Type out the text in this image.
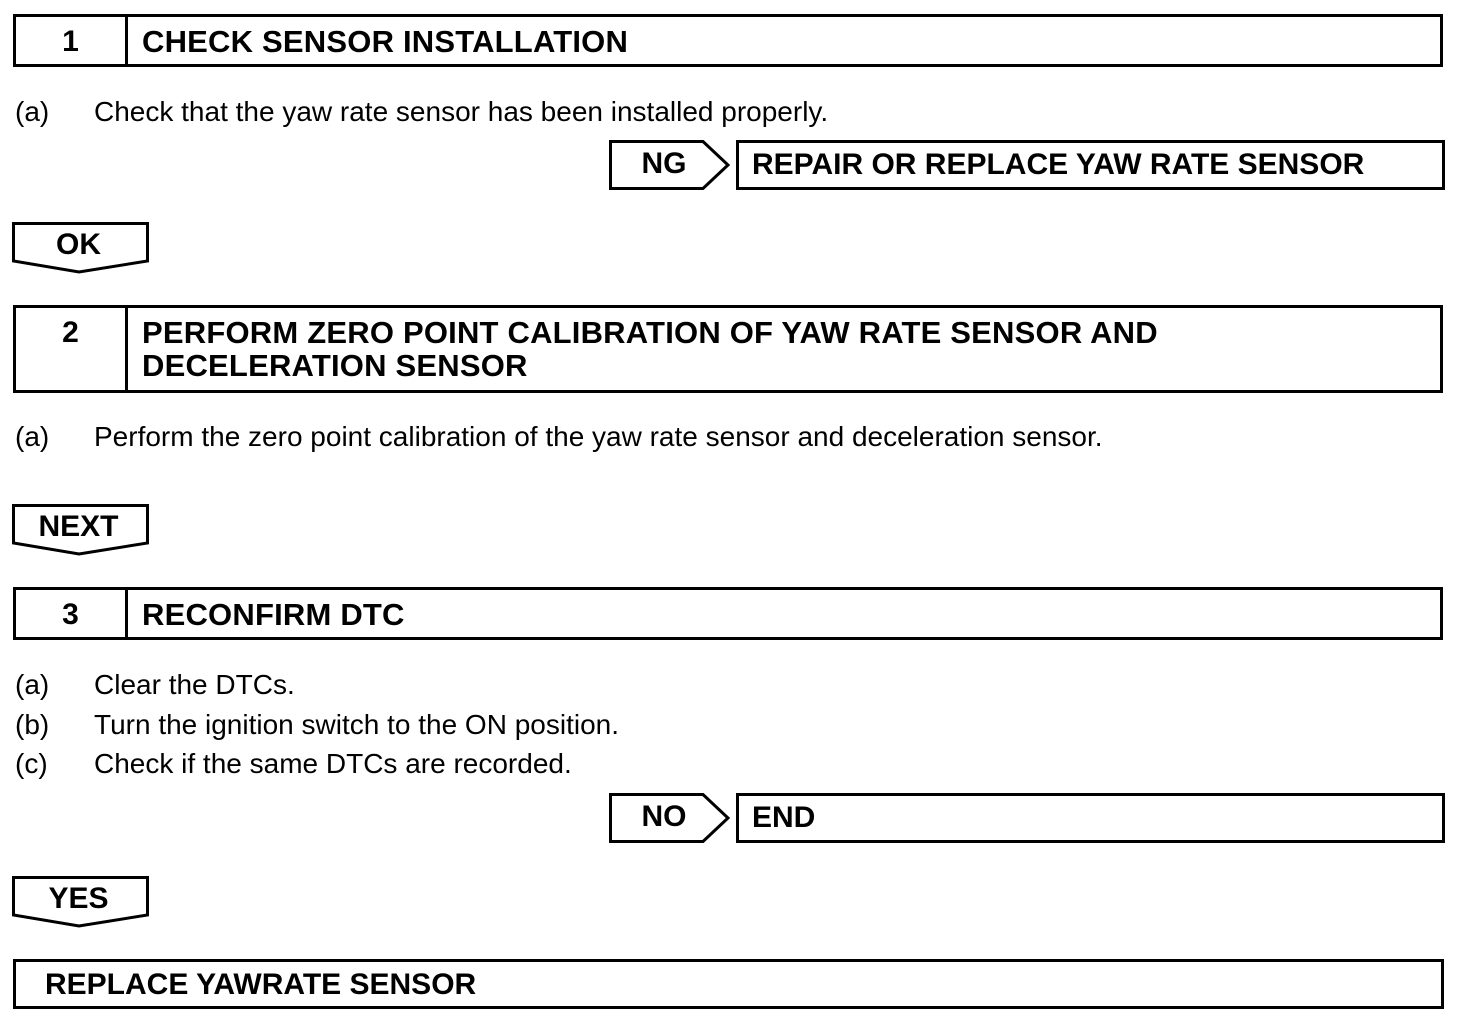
1	CHECK SENSOR INSTALLATION
(a) Check that the yaw rate sensor has been installed properly.
NG	REPAIR OR REPLACE YAW RATE SENSOR
OK
2	PERFORM ZERO POINT CALIBRATION OF YAW RATE SENSOR AND
DECELERATION SENSOR
(a) Perform the zero point calibration of the yaw rate sensor and deceleration sensor.
NEXT
3	RECONFIRM DTC
(a) Clear the DTCs.
(b) Turn the ignition switch to the ON position.
(c) Check if the same DTCs are recorded.
NO	END
YES
REPLACE YAWRATE SENSOR
